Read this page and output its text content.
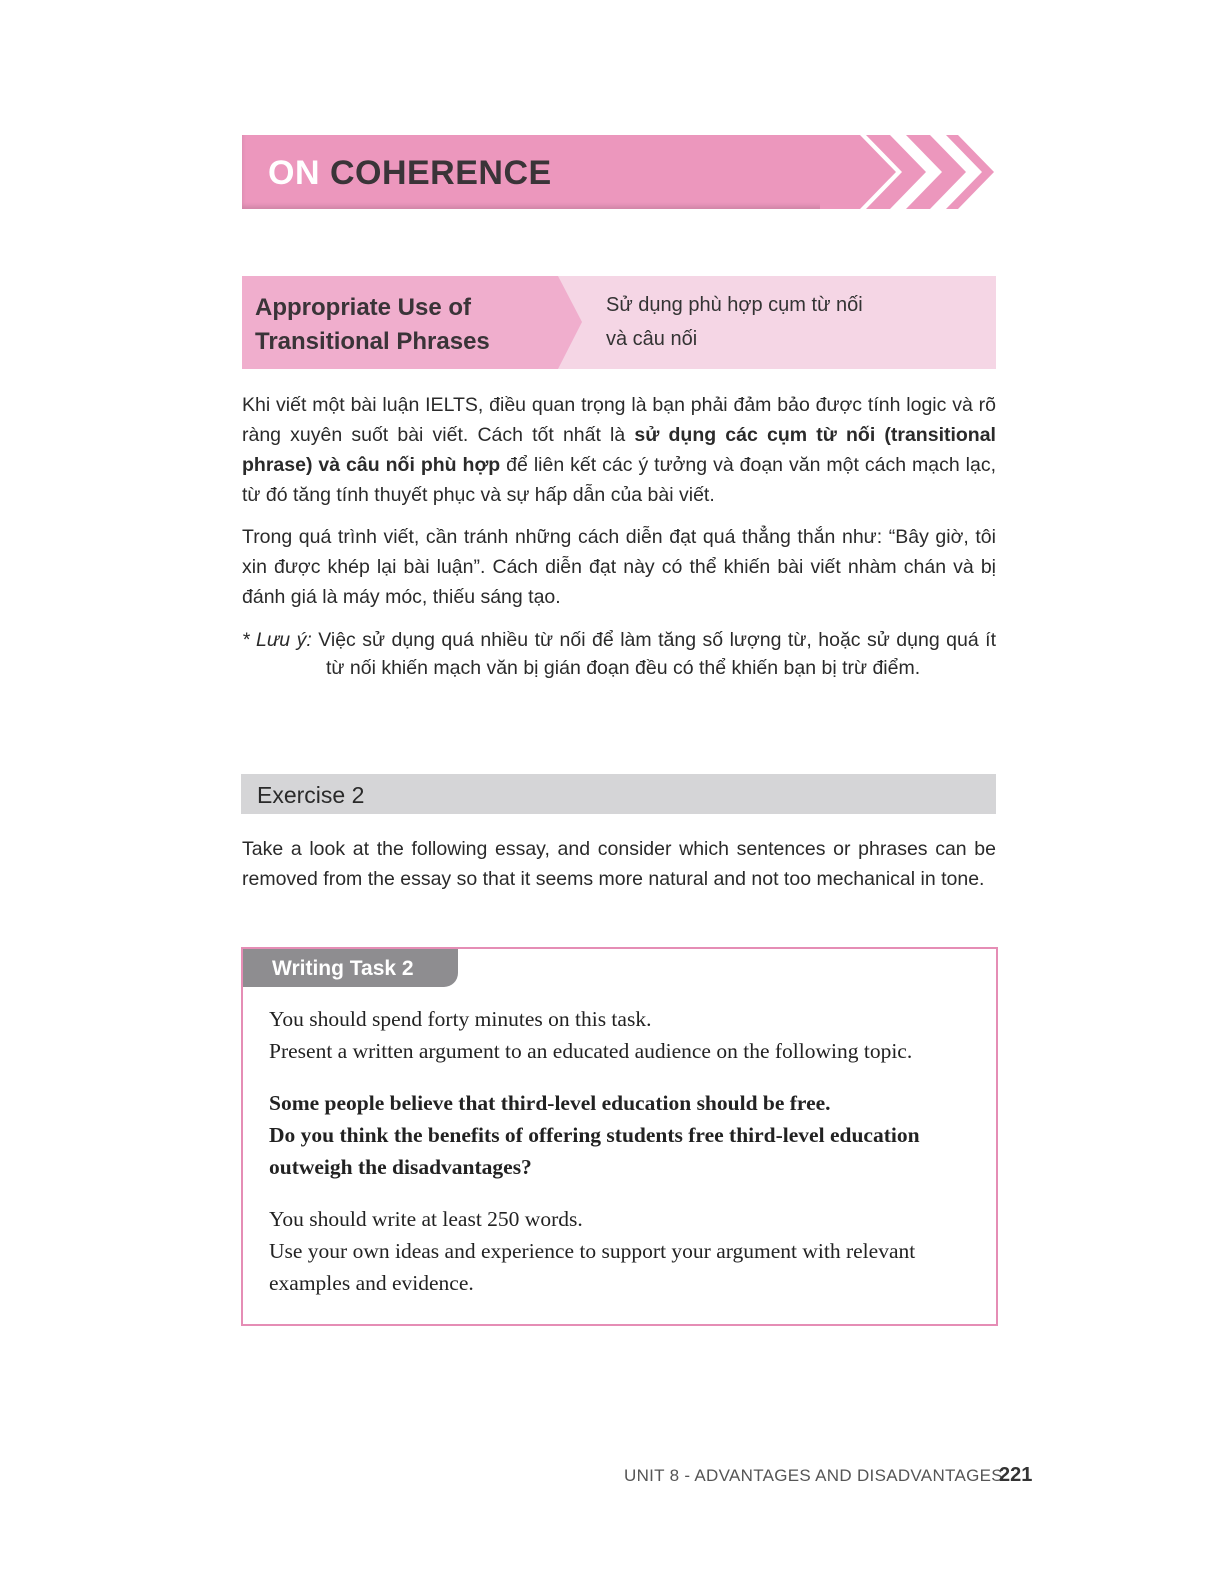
ON COHERENCE
Appropriate Use of
Transitional Phrases
Sử dụng phù hợp cụm từ nối
và câu nối
Khi viết một bài luận IELTS, điều quan trọng là bạn phải đảm bảo được tính logic và rõ ràng xuyên suốt bài viết. Cách tốt nhất là sử dụng các cụm từ nối (transitional phrase) và câu nối phù hợp để liên kết các ý tưởng và đoạn văn một cách mạch lạc, từ đó tăng tính thuyết phục và sự hấp dẫn của bài viết.
Trong quá trình viết, cần tránh những cách diễn đạt quá thẳng thắn như: “Bây giờ, tôi xin được khép lại bài luận”. Cách diễn đạt này có thể khiến bài viết nhàm chán và bị đánh giá là máy móc, thiếu sáng tạo.
* Lưu ý: Việc sử dụng quá nhiều từ nối để làm tăng số lượng từ, hoặc sử dụng quá ít từ nối khiến mạch văn bị gián đoạn đều có thể khiến bạn bị trừ điểm.
Exercise 2
Take a look at the following essay, and consider which sentences or phrases can be removed from the essay so that it seems more natural and not too mechanical in tone.
Writing Task 2
You should spend forty minutes on this task.
Present a written argument to an educated audience on the following topic.
Some people believe that third-level education should be free.
Do you think the benefits of offering students free third-level education outweigh the disadvantages?
You should write at least 250 words.
Use your own ideas and experience to support your argument with relevant examples and evidence.
UNIT 8 - ADVANTAGES AND DISADVANTAGES
221
